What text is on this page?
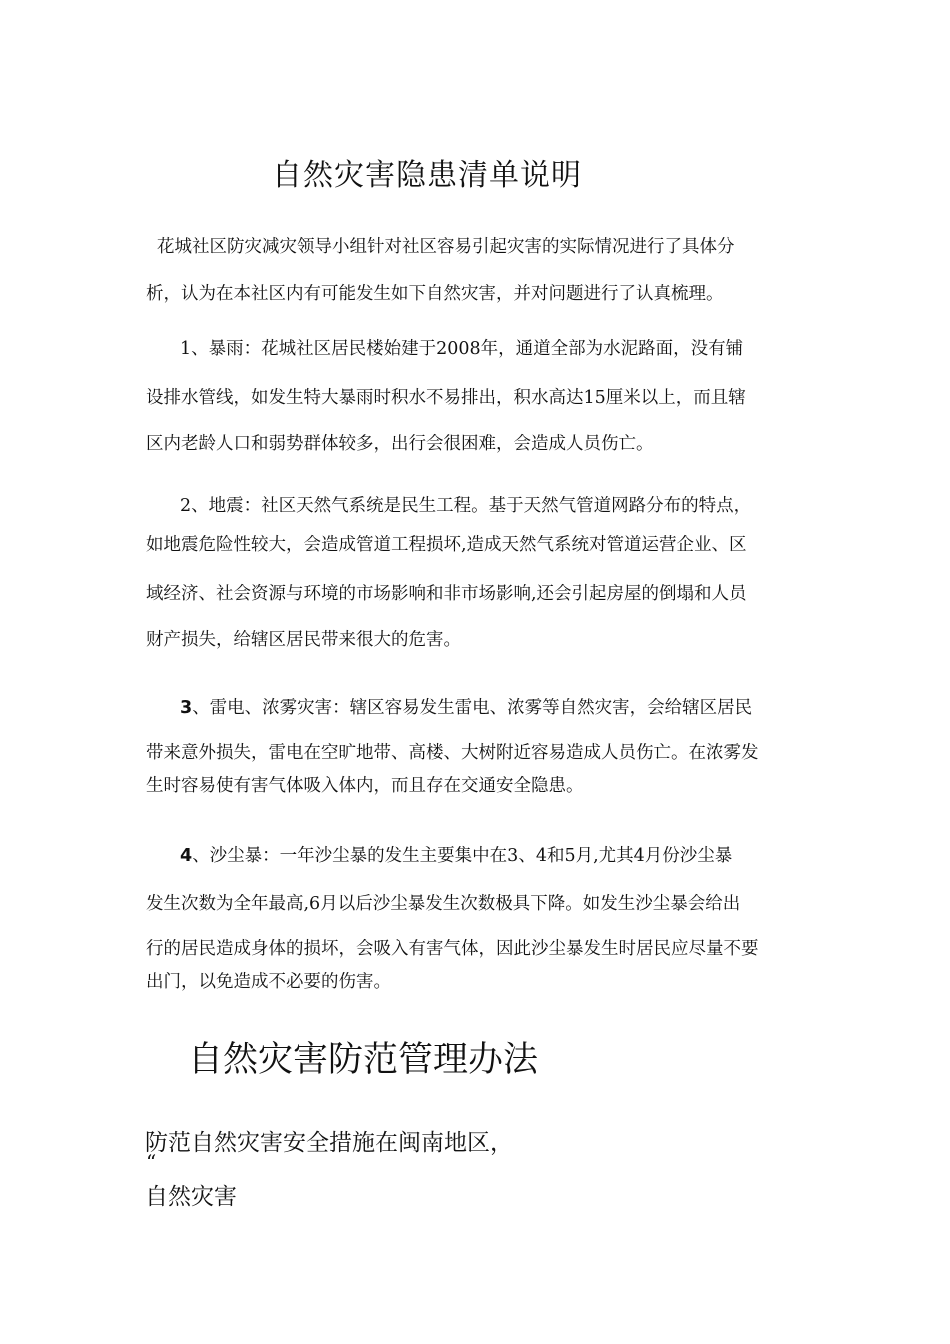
自然灾害隐患清单说明
花城社区防灾减灾领导小组针对社区容易引起灾害的实际情况进行了具体分
析，认为在本社区内有可能发生如下自然灾害，并对问题进行了认真梳理。
1、暴雨：花城社区居民楼始建于2008年，通道全部为水泥路面，没有铺
设排水管线，如发生特大暴雨时积水不易排出，积水高达15厘米以上，而且辖
区内老龄人口和弱势群体较多，出行会很困难，会造成人员伤亡。
2、地震：社区天然气系统是民生工程。基于天然气管道网路分布的特点，
如地震危险性较大，会造成管道工程损坏,造成天然气系统对管道运营企业、区
域经济、社会资源与环境的市场影响和非市场影响,还会引起房屋的倒塌和人员
财产损失，给辖区居民带来很大的危害。
3、雷电、浓雾灾害：辖区容易发生雷电、浓雾等自然灾害，会给辖区居民
带来意外损失，雷电在空旷地带、高楼、大树附近容易造成人员伤亡。在浓雾发
生时容易使有害气体吸入体内，而且存在交通安全隐患。
4、沙尘暴：一年沙尘暴的发生主要集中在3、4和5月,尤其4月份沙尘暴
发生次数为全年最高,6月以后沙尘暴发生次数极具下降。如发生沙尘暴会给出
行的居民造成身体的损坏，会吸入有害气体，因此沙尘暴发生时居民应尽量不要
出门，以免造成不必要的伤害。
自然灾害防范管理办法
防范自然灾害安全措施在闽南地区，
“
自然灾害
